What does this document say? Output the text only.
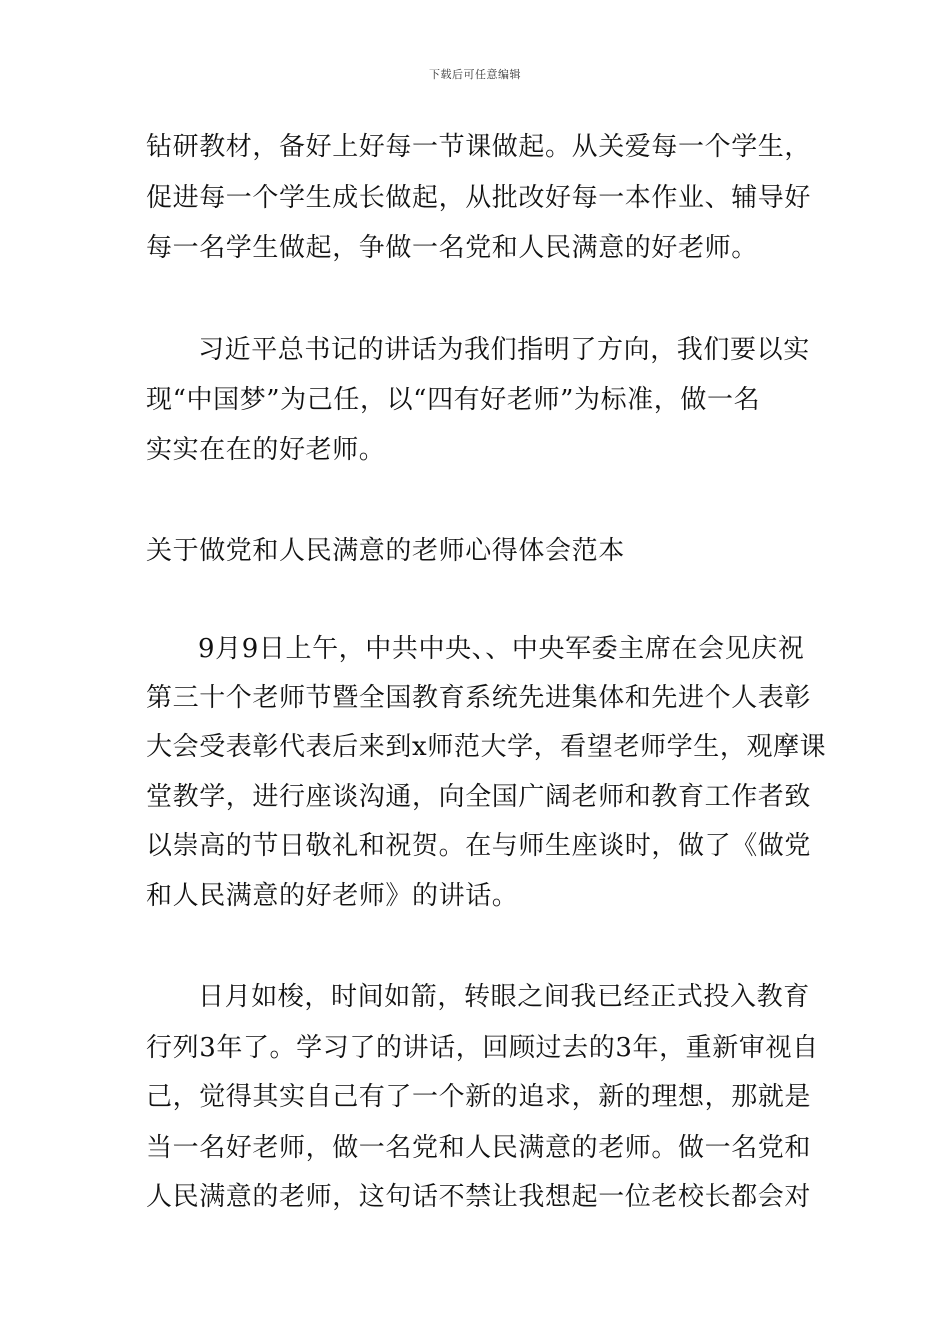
下载后可任意编辑
钻研教材，备好上好每一节课做起。从关爱每一个学生，
促进每一个学生成长做起，从批改好每一本作业、辅导好
每一名学生做起，争做一名党和人民满意的好老师。
习近平总书记的讲话为我们指明了方向，我们要以实
现“中国梦”为己任，以“四有好老师”为标准，做一名
实实在在的好老师。
关于做党和人民满意的老师心得体会范本
9月9日上午，中共中央、、中央军委主席在会见庆祝
第三十个老师节暨全国教育系统先进集体和先进个人表彰
大会受表彰代表后来到x师范大学，看望老师学生，观摩课
堂教学，进行座谈沟通，向全国广阔老师和教育工作者致
以崇高的节日敬礼和祝贺。在与师生座谈时，做了《做党
和人民满意的好老师》的讲话。
日月如梭，时间如箭，转眼之间我已经正式投入教育
行列3年了。学习了的讲话，回顾过去的3年，重新审视自
己，觉得其实自己有了一个新的追求，新的理想，那就是
当一名好老师，做一名党和人民满意的老师。做一名党和
人民满意的老师，这句话不禁让我想起一位老校长都会对
